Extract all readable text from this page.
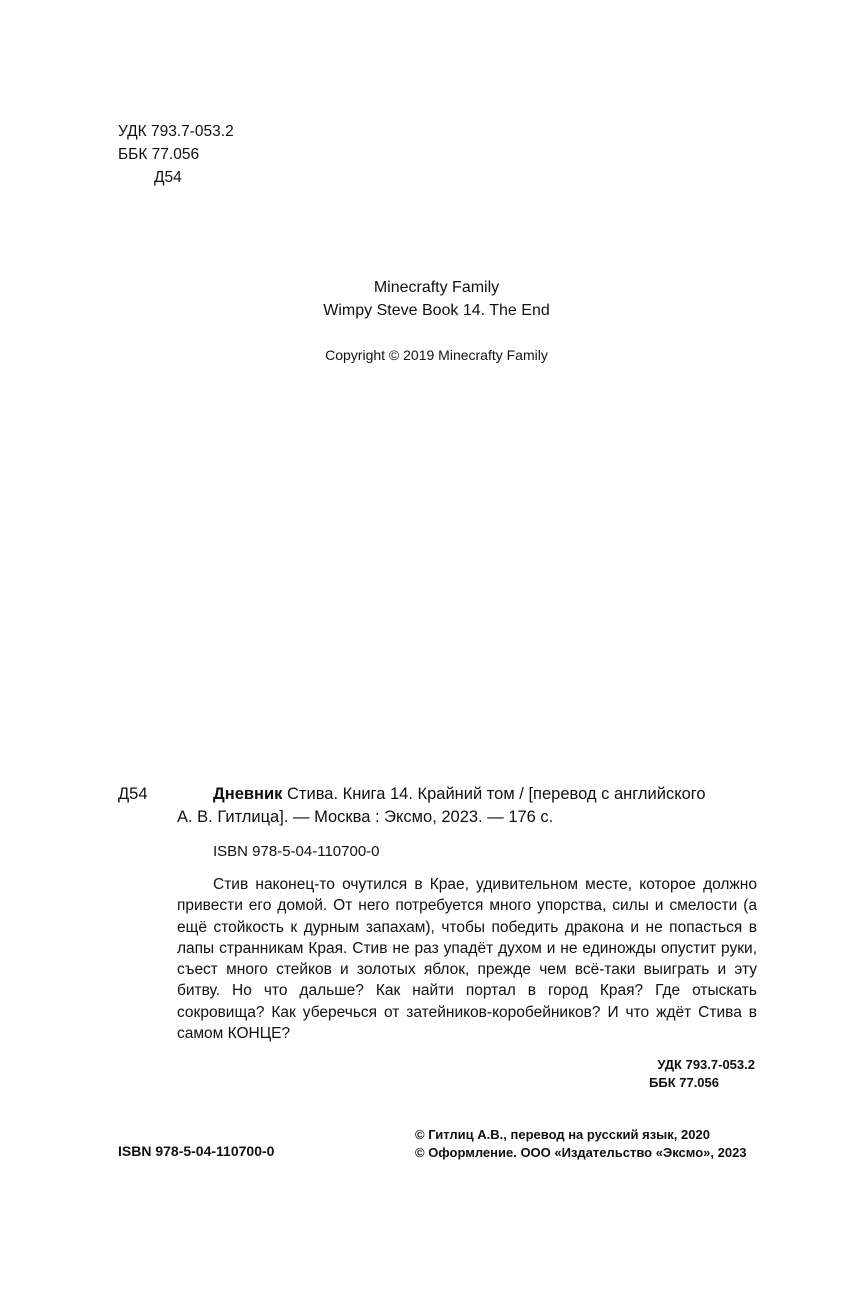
УДК 793.7-053.2
ББК 77.056
Д54
Minecrafty Family
Wimpy Steve Book 14. The End
Copyright © 2019 Minecrafty Family
Д54	Дневник Стива. Книга 14. Крайний том / [перевод с английского
А. В. Гитлица]. — Москва : Эксмо, 2023. — 176 с.
ISBN 978-5-04-110700-0

Стив наконец-то очутился в Крае, удивительном месте, которое должно привести его домой. От него потребуется много упорства, силы и смелости (а ещё стойкость к дурным запахам), чтобы победить дракона и не попасться в лапы странникам Края. Стив не раз упадёт духом и не единожды опустит руки, съест много стейков и золотых яблок, прежде чем всё-таки выиграть и эту битву. Но что дальше? Как найти портал в город Края? Где отыскать сокровища? Как уберечься от затейников-коробейников? И что ждёт Стива в самом КОНЦЕ?

УДК 793.7-053.2
ББК 77.056
ISBN 978-5-04-110700-0
© Гитлиц А.В., перевод на русский язык, 2020
© Оформление. ООО «Издательство «Эксмо», 2023
